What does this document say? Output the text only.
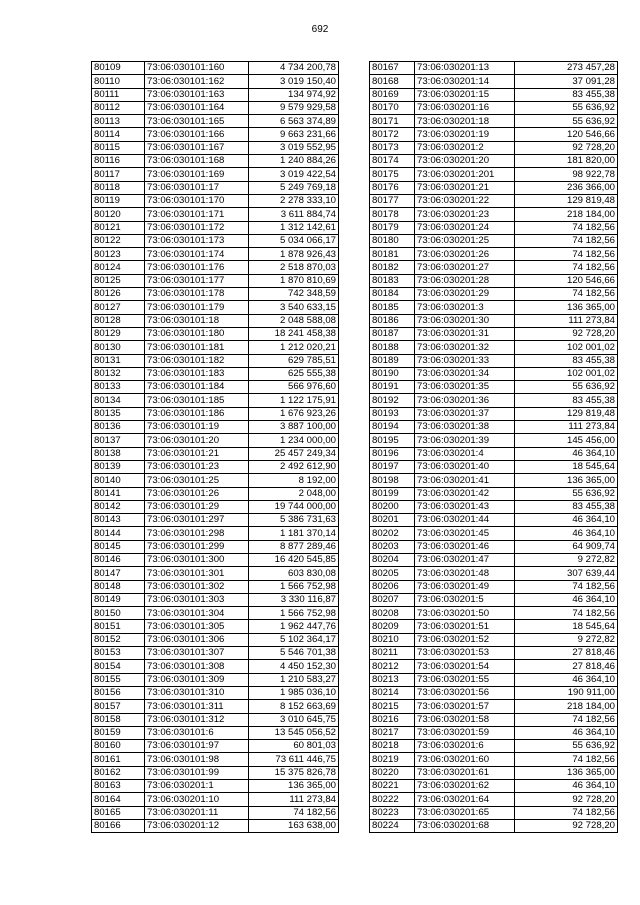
692
80109	73:06:030101:160	4 734 200,78
80110	73:06:030101:162	3 019 150,40
80111	73:06:030101:163	134 974,92
80112	73:06:030101:164	9 579 929,58
80113	73:06:030101:165	6 563 374,89
80114	73:06:030101:166	9 663 231,66
80115	73:06:030101:167	3 019 552,95
80116	73:06:030101:168	1 240 884,26
80117	73:06:030101:169	3 019 422,54
80118	73:06:030101:17	5 249 769,18
80119	73:06:030101:170	2 278 333,10
80120	73:06:030101:171	3 611 884,74
80121	73:06:030101:172	1 312 142,61
80122	73:06:030101:173	5 034 066,17
80123	73:06:030101:174	1 878 926,43
80124	73:06:030101:176	2 518 870,03
80125	73:06:030101:177	1 870 810,69
80126	73:06:030101:178	742 348,59
80127	73:06:030101:179	3 540 633,15
80128	73:06:030101:18	2 048 588,08
80129	73:06:030101:180	18 241 458,38
80130	73:06:030101:181	1 212 020,21
80131	73:06:030101:182	629 785,51
80132	73:06:030101:183	625 555,38
80133	73:06:030101:184	566 976,60
80134	73:06:030101:185	1 122 175,91
80135	73:06:030101:186	1 676 923,26
80136	73:06:030101:19	3 887 100,00
80137	73:06:030101:20	1 234 000,00
80138	73:06:030101:21	25 457 249,34
80139	73:06:030101:23	2 492 612,90
80140	73:06:030101:25	8 192,00
80141	73:06:030101:26	2 048,00
80142	73:06:030101:29	19 744 000,00
80143	73:06:030101:297	5 386 731,63
80144	73:06:030101:298	1 181 370,14
80145	73:06:030101:299	8 877 289,46
80146	73:06:030101:300	16 420 545,85
80147	73:06:030101:301	603 830,08
80148	73:06:030101:302	1 566 752,98
80149	73:06:030101:303	3 330 116,87
80150	73:06:030101:304	1 566 752,98
80151	73:06:030101:305	1 962 447,76
80152	73:06:030101:306	5 102 364,17
80153	73:06:030101:307	5 546 701,38
80154	73:06:030101:308	4 450 152,30
80155	73:06:030101:309	1 210 583,27
80156	73:06:030101:310	1 985 036,10
80157	73:06:030101:311	8 152 663,69
80158	73:06:030101:312	3 010 645,75
80159	73:06:030101:6	13 545 056,52
80160	73:06:030101:97	60 801,03
80161	73:06:030101:98	73 611 446,75
80162	73:06:030101:99	15 375 826,78
80163	73:06:030201:1	136 365,00
80164	73:06:030201:10	111 273,84
80165	73:06:030201:11	74 182,56
80166	73:06:030201:12	163 638,00
80167	73:06:030201:13	273 457,28
80168	73:06:030201:14	37 091,28
80169	73:06:030201:15	83 455,38
80170	73:06:030201:16	55 636,92
80171	73:06:030201:18	55 636,92
80172	73:06:030201:19	120 546,66
80173	73:06:030201:2	92 728,20
80174	73:06:030201:20	181 820,00
80175	73:06:030201:201	98 922,78
80176	73:06:030201:21	236 366,00
80177	73:06:030201:22	129 819,48
80178	73:06:030201:23	218 184,00
80179	73:06:030201:24	74 182,56
80180	73:06:030201:25	74 182,56
80181	73:06:030201:26	74 182,56
80182	73:06:030201:27	74 182,56
80183	73:06:030201:28	120 546,66
80184	73:06:030201:29	74 182,56
80185	73:06:030201:3	136 365,00
80186	73:06:030201:30	111 273,84
80187	73:06:030201:31	92 728,20
80188	73:06:030201:32	102 001,02
80189	73:06:030201:33	83 455,38
80190	73:06:030201:34	102 001,02
80191	73:06:030201:35	55 636,92
80192	73:06:030201:36	83 455,38
80193	73:06:030201:37	129 819,48
80194	73:06:030201:38	111 273,84
80195	73:06:030201:39	145 456,00
80196	73:06:030201:4	46 364,10
80197	73:06:030201:40	18 545,64
80198	73:06:030201:41	136 365,00
80199	73:06:030201:42	55 636,92
80200	73:06:030201:43	83 455,38
80201	73:06:030201:44	46 364,10
80202	73:06:030201:45	46 364,10
80203	73:06:030201:46	64 909,74
80204	73:06:030201:47	9 272,82
80205	73:06:030201:48	307 639,44
80206	73:06:030201:49	74 182,56
80207	73:06:030201:5	46 364,10
80208	73:06:030201:50	74 182,56
80209	73:06:030201:51	18 545,64
80210	73:06:030201:52	9 272,82
80211	73:06:030201:53	27 818,46
80212	73:06:030201:54	27 818,46
80213	73:06:030201:55	46 364,10
80214	73:06:030201:56	190 911,00
80215	73:06:030201:57	218 184,00
80216	73:06:030201:58	74 182,56
80217	73:06:030201:59	46 364,10
80218	73:06:030201:6	55 636,92
80219	73:06:030201:60	74 182,56
80220	73:06:030201:61	136 365,00
80221	73:06:030201:62	46 364,10
80222	73:06:030201:64	92 728,20
80223	73:06:030201:65	74 182,56
80224	73:06:030201:68	92 728,20
